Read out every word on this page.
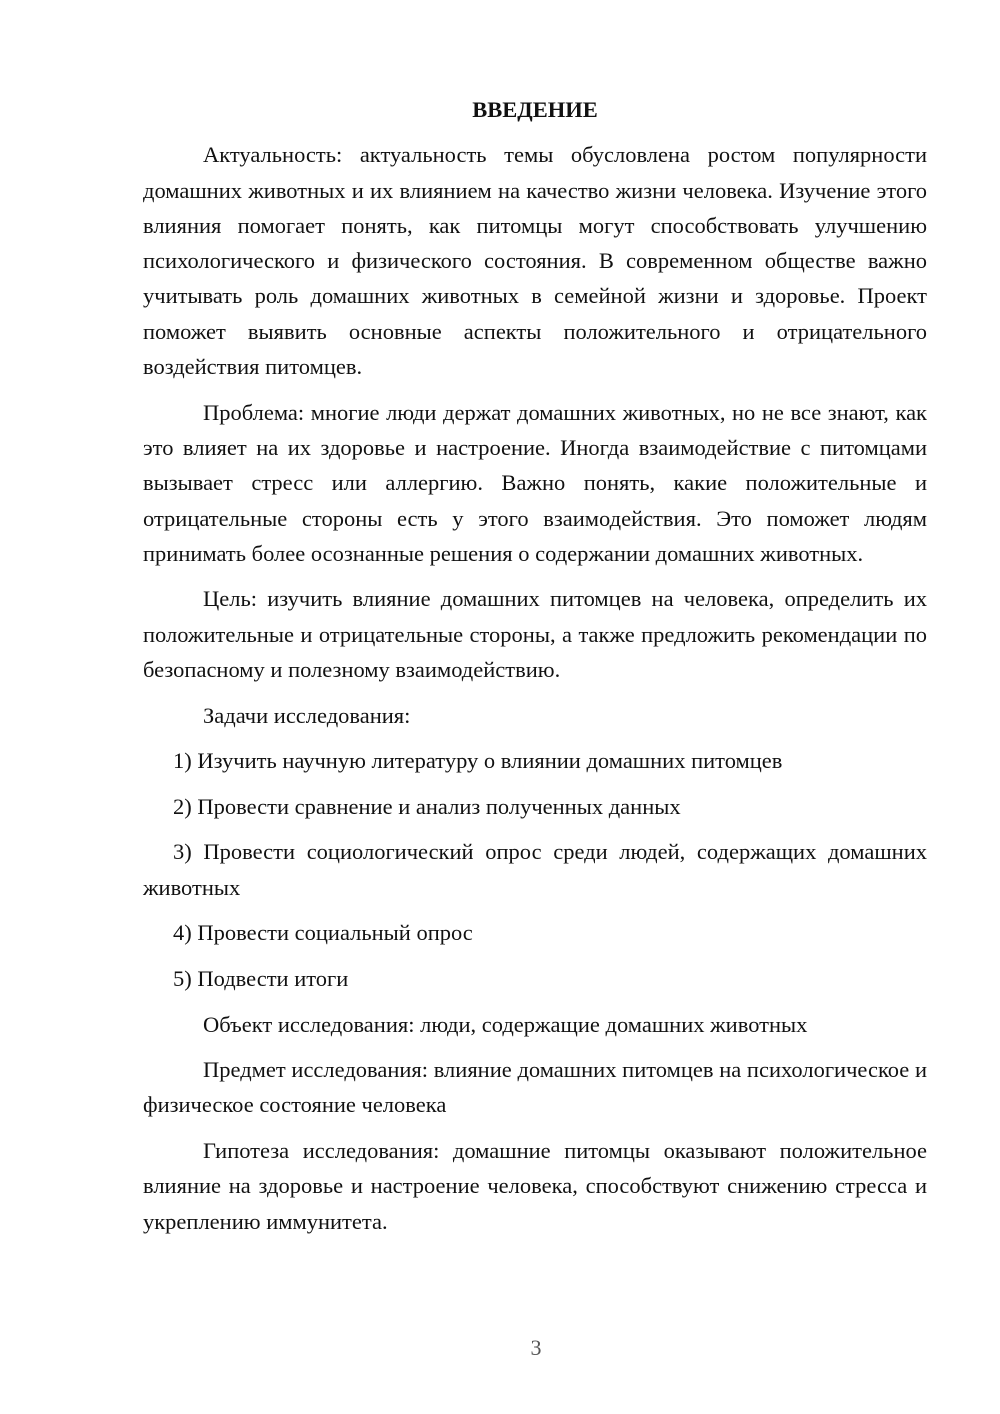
ВВЕДЕНИЕ

Актуальность: актуальность темы обусловлена ростом популярности домашних животных и их влиянием на качество жизни человека. Изучение этого влияния помогает понять, как питомцы могут способствовать улучшению психологического и физического состояния. В современном обществе важно учитывать роль домашних животных в семейной жизни и здоровье. Проект поможет выявить основные аспекты положительного и отрицательного воздействия питомцев.

Проблема: многие люди держат домашних животных, но не все знают, как это влияет на их здоровье и настроение. Иногда взаимодействие с питомцами вызывает стресс или аллергию. Важно понять, какие положительные и отрицательные стороны есть у этого взаимодействия. Это поможет людям принимать более осознанные решения о содержании домашних животных.

Цель: изучить влияние домашних питомцев на человека, определить их положительные и отрицательные стороны, а также предложить рекомендации по безопасному и полезному взаимодействию.

Задачи исследования:

1) Изучить научную литературу о влиянии домашних питомцев

2) Провести сравнение и анализ полученных данных

3) Провести социологический опрос среди людей, содержащих домашних животных

4) Провести социальный опрос

5) Подвести итоги

Объект исследования: люди, содержащие домашних животных

Предмет исследования: влияние домашних питомцев на психологическое и физическое состояние человека

Гипотеза исследования: домашние питомцы оказывают положительное влияние на здоровье и настроение человека, способствуют снижению стресса и укреплению иммунитета.

3
